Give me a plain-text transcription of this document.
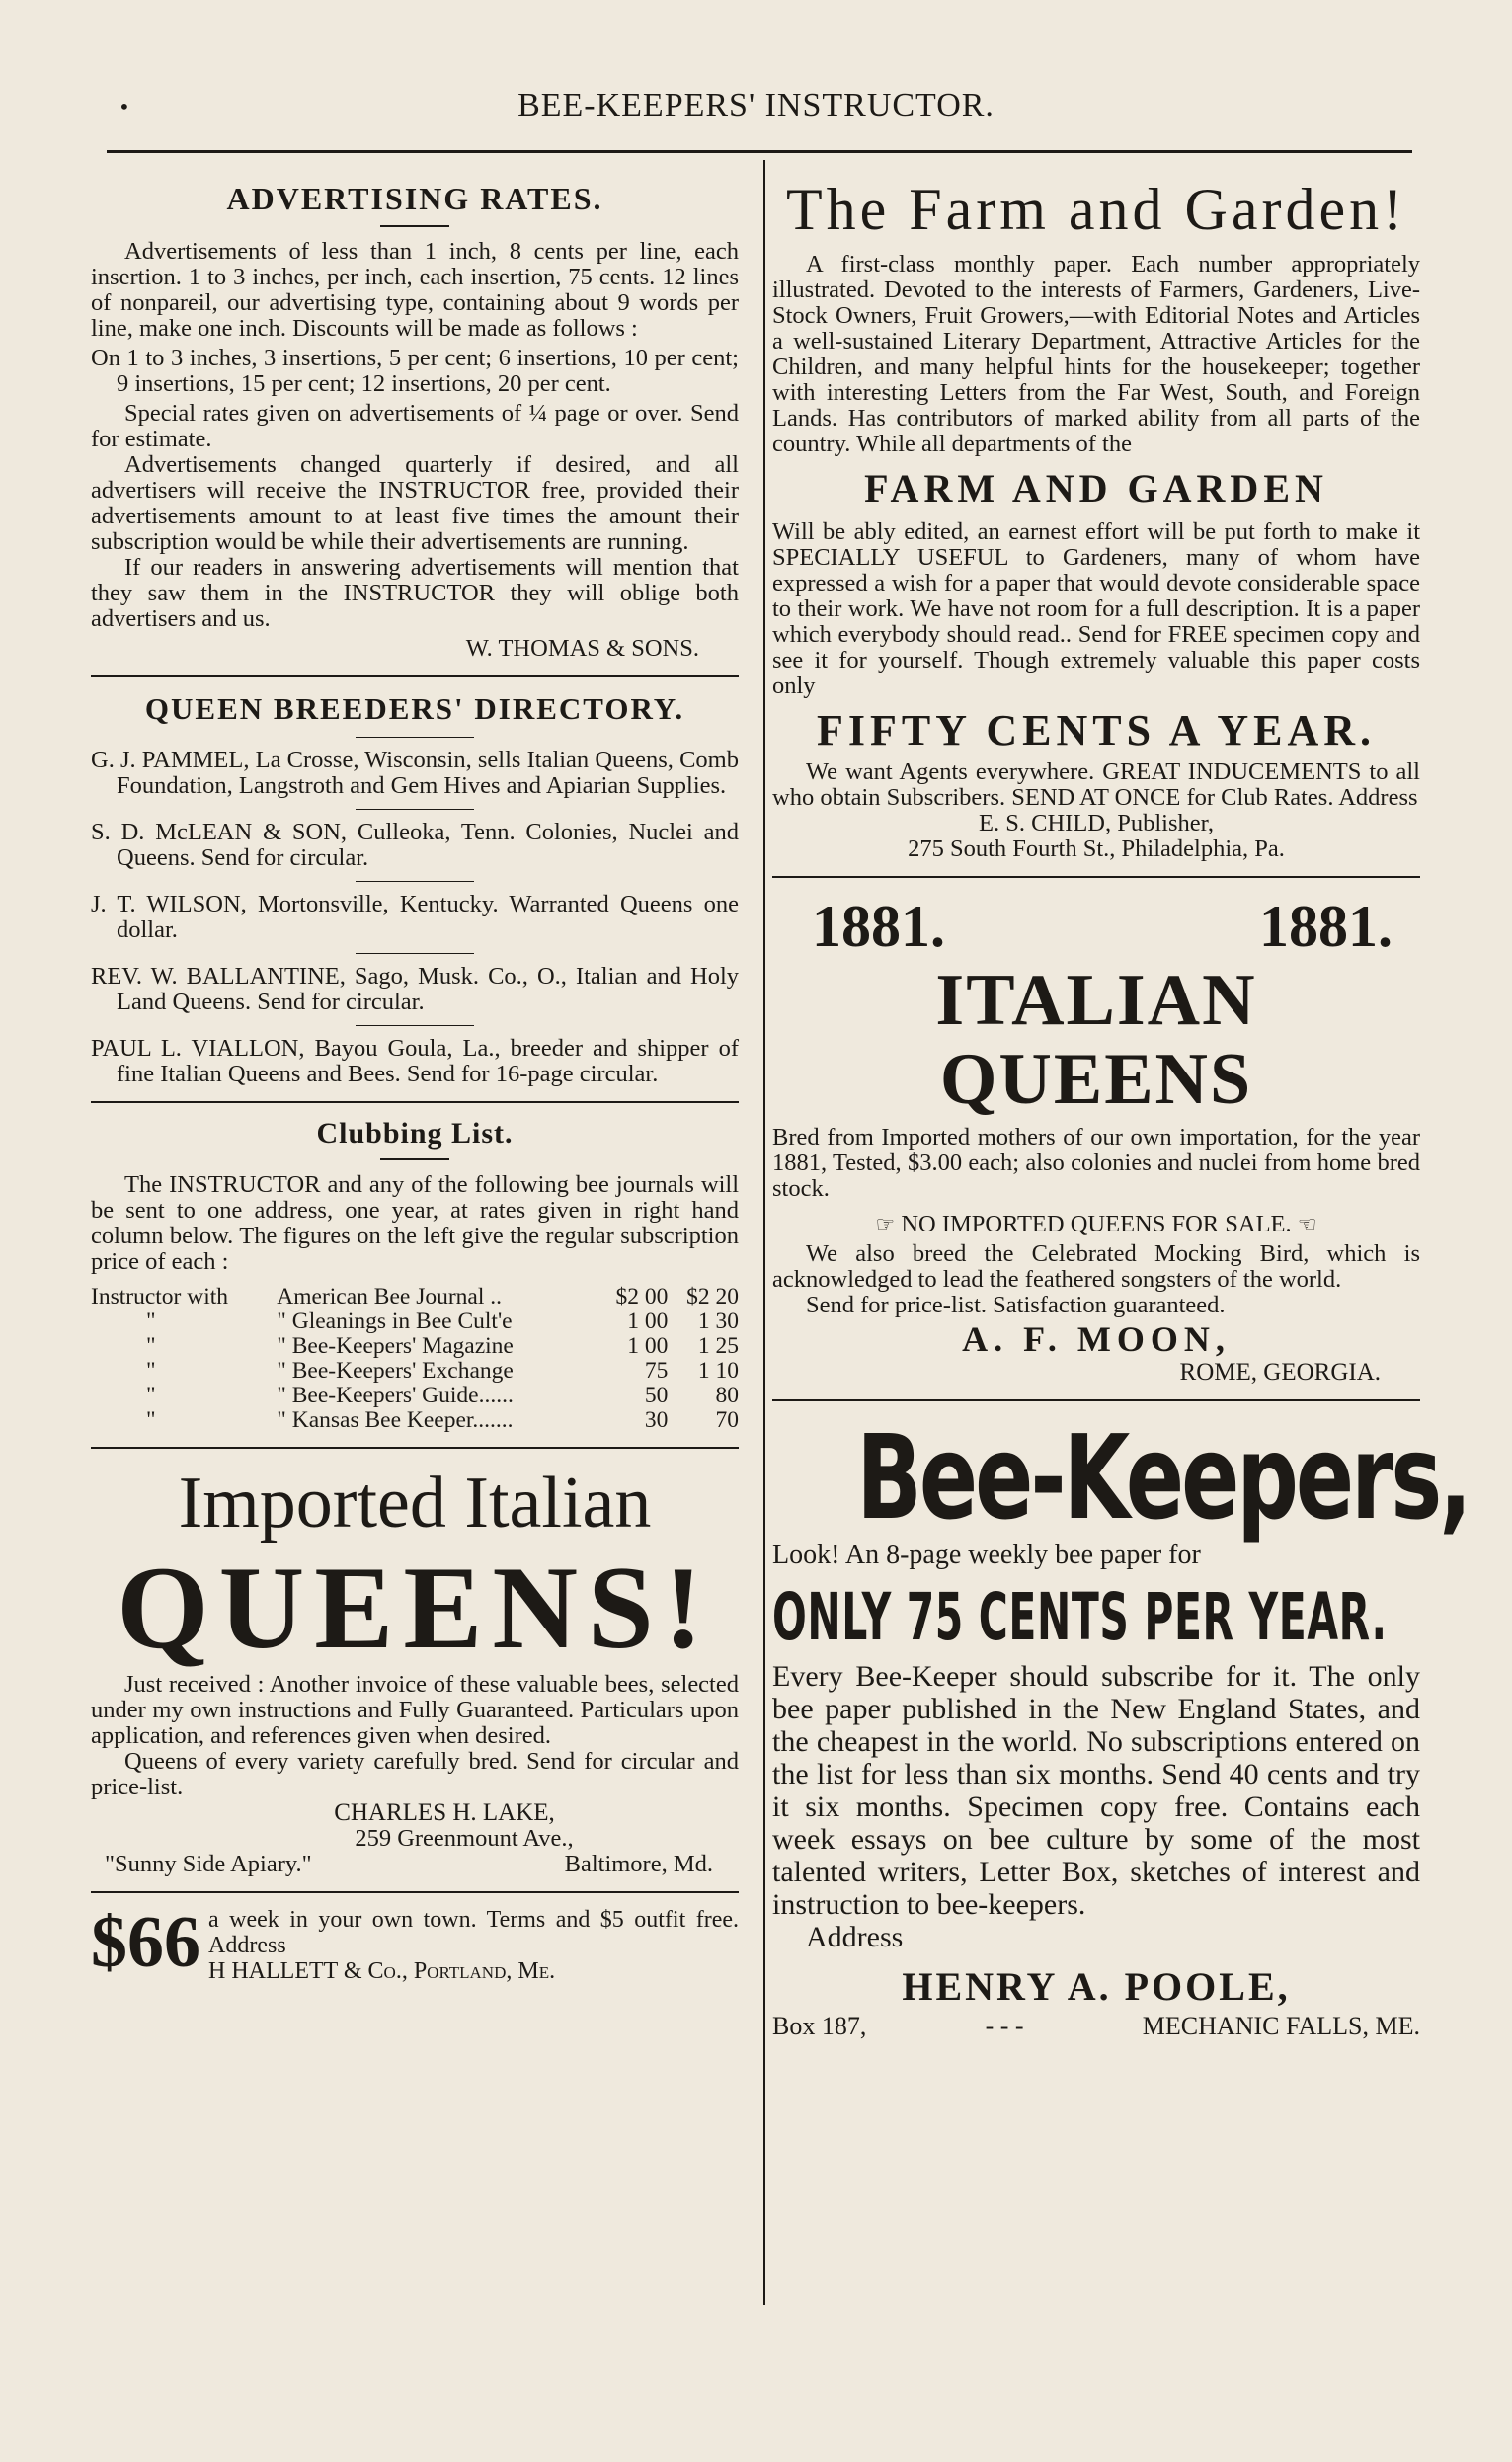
•	BEE-KEEPERS' INSTRUCTOR.
ADVERTISING RATES.

Advertisements of less than 1 inch, 8 cents per line, each insertion. 1 to 3 inches, per inch, each insertion, 75 cents. 12 lines of nonpareil, our advertising type, containing about 9 words per line, make one inch. Discounts will be made as follows :

On 1 to 3 inches, 3 insertions, 5 per cent; 6 insertions, 10 per cent; 9 insertions, 15 per cent; 12 insertions, 20 per cent.

Special rates given on advertisements of ¼ page or over. Send for estimate.

Advertisements changed quarterly if desired, and all advertisers will receive the INSTRUCTOR free, provided their advertisements amount to at least five times the amount their subscription would be while their advertisements are running.

If our readers in answering advertisements will mention that they saw them in the INSTRUCTOR they will oblige both advertisers and us.

W. THOMAS & SONS.

QUEEN BREEDERS' DIRECTORY.

G. J. PAMMEL, La Crosse, Wisconsin, sells Italian Queens, Comb Foundation, Langstroth and Gem Hives and Apiarian Supplies.

S. D. McLEAN & SON, Culleoka, Tenn. Colonies, Nuclei and Queens. Send for circular.

J. T. WILSON, Mortonsville, Kentucky. Warranted Queens one dollar.

REV. W. BALLANTINE, Sago, Musk. Co., O., Italian and Holy Land Queens. Send for circular.

PAUL L. VIALLON, Bayou Goula, La., breeder and shipper of fine Italian Queens and Bees. Send for 16-page circular.

Clubbing List.

The INSTRUCTOR and any of the following bee journals will be sent to one address, one year, at rates given in right hand column below. The figures on the left give the regular subscription price of each :

Instructor with	American Bee Journal ..	$2 00	$2 20
"	" Gleanings in Bee Cult'e	1 00	1 30
"	" Bee-Keepers' Magazine	1 00	1 25
"	" Bee-Keepers' Exchange	75	1 10
"	" Bee-Keepers' Guide......	50	80
"	" Kansas Bee Keeper.......	30	70
Imported Italian
QUEENS!

Just received : Another invoice of these valuable bees, selected under my own instructions and Fully Guaranteed. Particulars upon application, and references given when desired.

Queens of every variety carefully bred. Send for circular and price-list.

CHARLES H. LAKE,

259 Greenmount Ave.,

"Sunny Side Apiary."	Baltimore, Md.

$66 a week in your own town. Terms and $5 outfit free. Address

H HALLETT & Co., Portland, Me.

The Farm and Garden!

A first-class monthly paper. Each number appropriately illustrated. Devoted to the interests of Farmers, Gardeners, Live-Stock Owners, Fruit Growers,—with Editorial Notes and Articles a well-sustained Literary Department, Attractive Articles for the Children, and many helpful hints for the housekeeper; together with interesting Letters from the Far West, South, and Foreign Lands. Has contributors of marked ability from all parts of the country. While all departments of the

FARM AND GARDEN

Will be ably edited, an earnest effort will be put forth to make it SPECIALLY USEFUL to Gardeners, many of whom have expressed a wish for a paper that would devote considerable space to their work. We have not room for a full description. It is a paper which everybody should read.. Send for FREE specimen copy and see it for yourself. Though extremely valuable this paper costs only

FIFTY CENTS A YEAR.

We want Agents everywhere. GREAT INDUCEMENTS to all who obtain Subscribers. SEND AT ONCE for Club Rates. Address

E. S. CHILD, Publisher,

275 South Fourth St., Philadelphia, Pa.

1881.	1881.
ITALIAN QUEENS

Bred from Imported mothers of our own importation, for the year 1881, Tested, $3.00 each; also colonies and nuclei from home bred stock.

☞ NO IMPORTED QUEENS FOR SALE. ☜

We also breed the Celebrated Mocking Bird, which is acknowledged to lead the feathered songsters of the world.

Send for price-list. Satisfaction guaranteed.

A. F. MOON,

ROME, GEORGIA.

Bee-Keepers,

Look! An 8-page weekly bee paper for

ONLY 75 CENTS PER YEAR.

Every Bee-Keeper should subscribe for it. The only bee paper published in the New England States, and the cheapest in the world. No subscriptions entered on the list for less than six months. Send 40 cents and try it six months. Specimen copy free. Contains each week essays on bee culture by some of the most talented writers, Letter Box, sketches of interest and instruction to bee-keepers.

Address

HENRY A. POOLE,

Box 187,	- - -	MECHANIC FALLS, ME.
